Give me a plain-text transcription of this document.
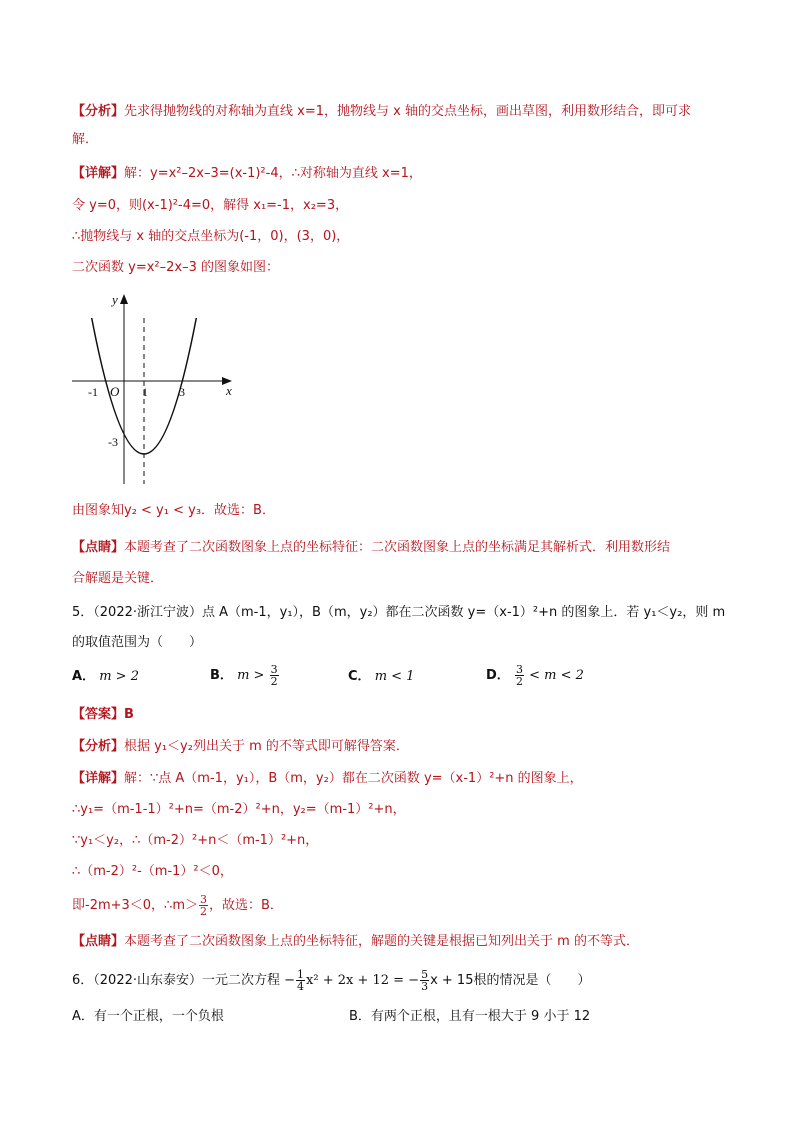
【分析】先求得抛物线的对称轴为直线 x=1，抛物线与 x 轴的交点坐标，画出草图，利用数形结合，即可求
解．
【详解】解：y=x²–2x–3=(x-1)²-4，∴对称轴为直线 x=1，
令 y=0，则(x-1)²-4=0，解得 x₁=-1，x₂=3，
∴抛物线与 x 轴的交点坐标为(-1，0)，(3，0)，
二次函数 y=x²–2x–3 的图象如图：
y
x
O
-1	1	3
-3
由图象知y₂ < y₁ < y₃．故选：B．
【点睛】本题考查了二次函数图象上点的坐标特征：二次函数图象上点的坐标满足其解析式．利用数形结
合解题是关键．
5．（2022·浙江宁波）点 A（m-1，y₁），B（m，y₂）都在二次函数 y=（x-1）²+n 的图象上．若 y₁＜y₂，则 m
的取值范围为（　　）
A． m > 2	B． $m > \frac{3}{2}$	C． m < 1	D． $\frac{3}{2} < m < 2$
【答案】B
【分析】根据 y₁＜y₂列出关于 m 的不等式即可解得答案．
【详解】解：∵点 A（m-1，y₁），B（m，y₂）都在二次函数 y=（x-1）²+n 的图象上，
∴y₁=（m-1-1）²+n=（m-2）²+n，y₂=（m-1）²+n，
∵y₁＜y₂，∴（m-2）²+n＜（m-1）²+n，
∴（m-2）²-（m-1）²＜0，
即-2m+3＜0，∴m＞ $\frac{3}{2}$ ，故选：B．
【点睛】本题考查了二次函数图象上点的坐标特征，解题的关键是根据已知列出关于 m 的不等式．
6．（2022·山东泰安）一元二次方程 − $\frac{1}{4} x^2 + 2x + 12$ = − $\frac{5}{3}$ x + 15根的情况是（　　）
A．有一个正根，一个负根	B．有两个正根，且有一根大于 9 小于 12
